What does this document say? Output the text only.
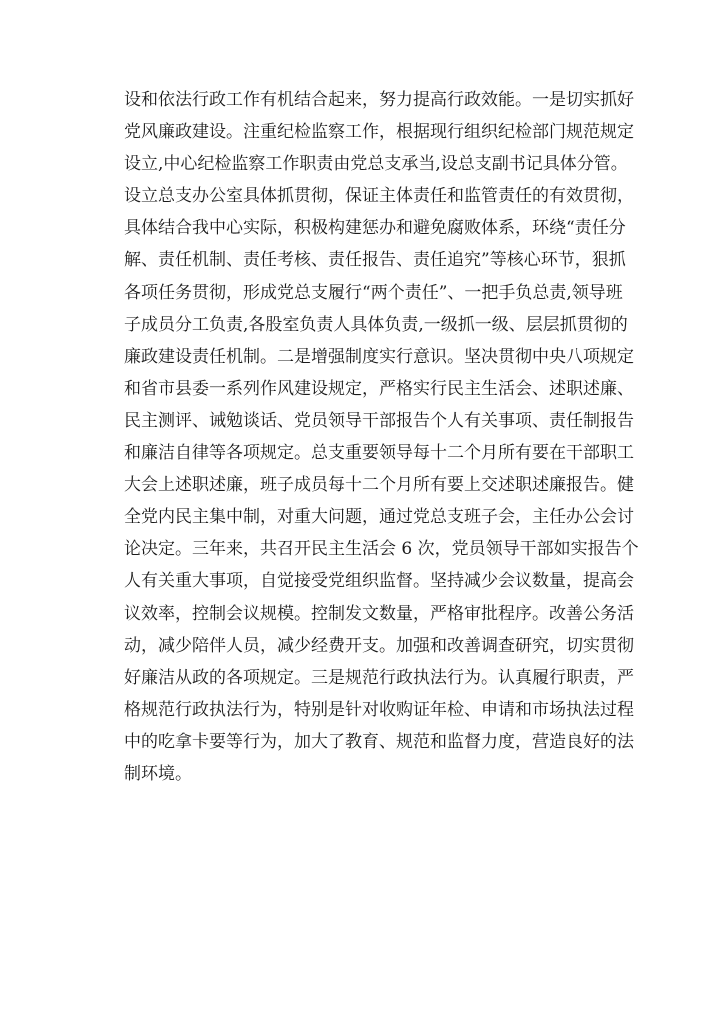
设和依法行政工作有机结合起来，努力提高行政效能。一是切实抓好
党风廉政建设。注重纪检监察工作，根据现行组织纪检部门规范规定
设立,中心纪检监察工作职责由党总支承当,设总支副书记具体分管。
设立总支办公室具体抓贯彻，保证主体责任和监管责任的有效贯彻，
具体结合我中心实际，积极构建惩办和避免腐败体系，环绕“责任分
解、责任机制、责任考核、责任报告、责任追究”等核心环节，狠抓
各项任务贯彻，形成党总支履行“两个责任”、一把手负总责,领导班
子成员分工负责,各股室负责人具体负责,一级抓一级、层层抓贯彻的
廉政建设责任机制。二是增强制度实行意识。坚决贯彻中央八项规定
和省市县委一系列作风建设规定，严格实行民主生活会、述职述廉、
民主测评、诫勉谈话、党员领导干部报告个人有关事项、责任制报告
和廉洁自律等各项规定。总支重要领导每十二个月所有要在干部职工
大会上述职述廉，班子成员每十二个月所有要上交述职述廉报告。健
全党内民主集中制，对重大问题，通过党总支班子会，主任办公会讨
论决定。三年来，共召开民主生活会 6 次，党员领导干部如实报告个
人有关重大事项，自觉接受党组织监督。坚持减少会议数量，提高会
议效率，控制会议规模。控制发文数量，严格审批程序。改善公务活
动，减少陪伴人员，减少经费开支。加强和改善调查研究，切实贯彻
好廉洁从政的各项规定。三是规范行政执法行为。认真履行职责，严
格规范行政执法行为，特别是针对收购证年检、申请和市场执法过程
中的吃拿卡要等行为，加大了教育、规范和监督力度，营造良好的法
制环境。
